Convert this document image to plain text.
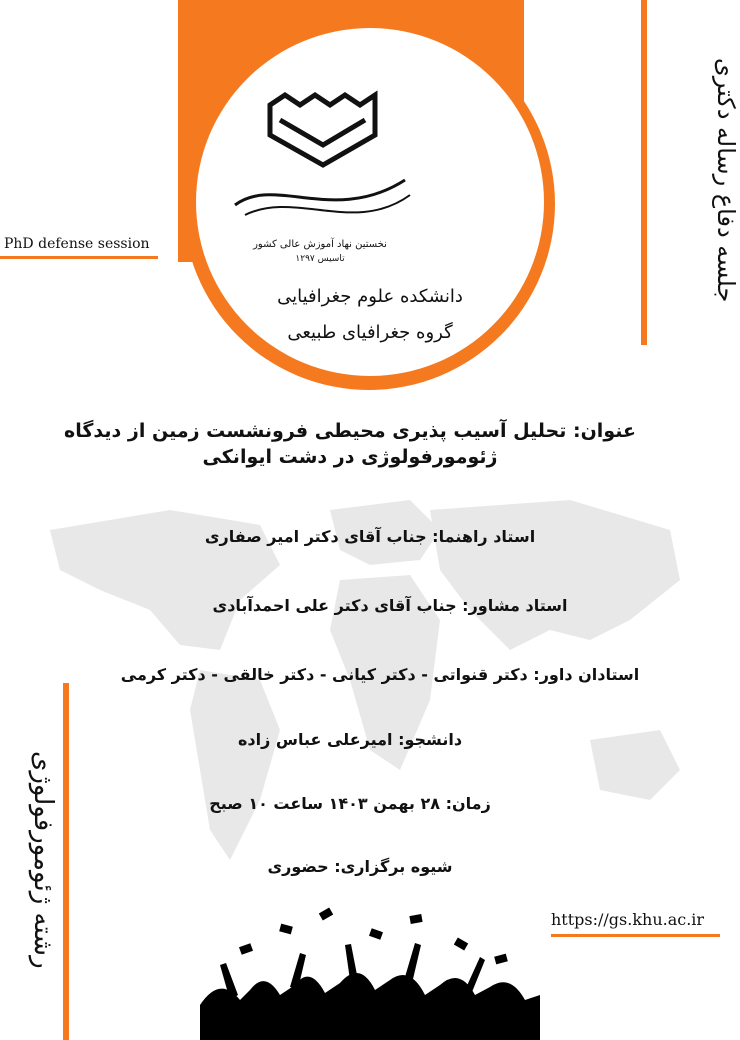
نخستین نهاد آموزش عالی کشور
تاسیس ۱۲۹۷
دانشکده علوم جغرافیایی
گروه جغرافیای طبیعی
PhD defense session	جلسه دفاع رساله دکتری
عنوان: تحلیل آسیب پذیری محیطی فرونشست زمین از دیدگاه ژئومورفولوژی در دشت ایوانکی
استاد راهنما: جناب آقای دکتر امیر صفاری
استاد مشاور: جناب آقای دکتر علی احمدآبادی
استادان داور: دکتر قنواتی - دکتر کیانی - دکتر خالقی - دکتر کرمی
دانشجو: امیرعلی عباس زاده
زمان: ۲۸ بهمن ۱۴۰۳ ساعت ۱۰ صبح
شیوه برگزاری: حضوری
رشته ژئومورفولوژی	https://gs.khu.ac.ir
